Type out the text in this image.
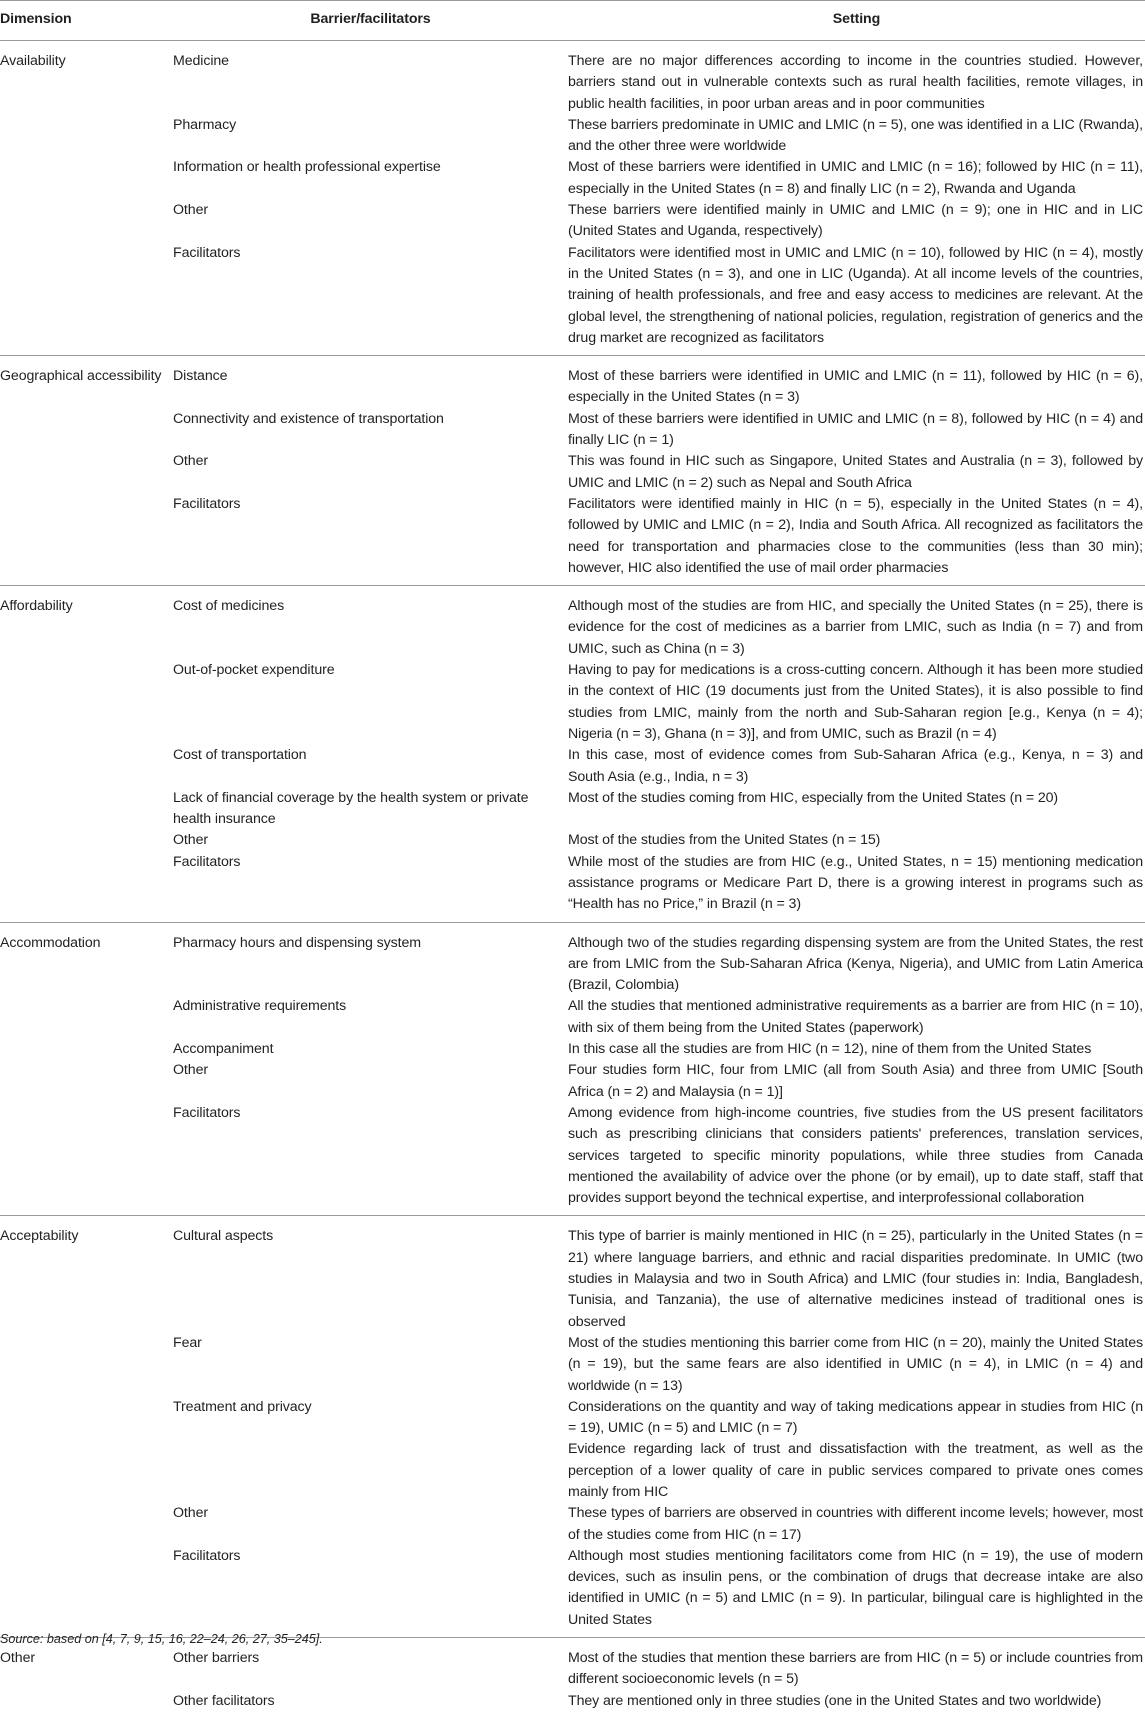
Dimension	Barrier/facilitators	Setting
Availability	Medicine	There are no major differences according to income in the countries studied. However, barriers stand out in vulnerable contexts such as rural health facilities, remote villages, in public health facilities, in poor urban areas and in poor communities

	Pharmacy	These barriers predominate in UMIC and LMIC (n = 5), one was identified in a LIC (Rwanda), and the other three were worldwide

	Information or health professional expertise	Most of these barriers were identified in UMIC and LMIC (n = 16); followed by HIC (n = 11), especially in the United States (n = 8) and finally LIC (n = 2), Rwanda and Uganda

	Other	These barriers were identified mainly in UMIC and LMIC (n = 9); one in HIC and in LIC (United States and Uganda, respectively)

	Facilitators	Facilitators were identified most in UMIC and LMIC (n = 10), followed by HIC (n = 4), mostly in the United States (n = 3), and one in LIC (Uganda). At all income levels of the countries, training of health professionals, and free and easy access to medicines are relevant. At the global level, the strengthening of national policies, regulation, registration of generics and the drug market are recognized as facilitators

Geographical accessibility	Distance	Most of these barriers were identified in UMIC and LMIC (n = 11), followed by HIC (n = 6), especially in the United States (n = 3)

	Connectivity and existence of transportation	Most of these barriers were identified in UMIC and LMIC (n = 8), followed by HIC (n = 4) and finally LIC (n = 1)

	Other	This was found in HIC such as Singapore, United States and Australia (n = 3), followed by UMIC and LMIC (n = 2) such as Nepal and South Africa

	Facilitators	Facilitators were identified mainly in HIC (n = 5), especially in the United States (n = 4), followed by UMIC and LMIC (n = 2), India and South Africa. All recognized as facilitators the need for transportation and pharmacies close to the communities (less than 30 min); however, HIC also identified the use of mail order pharmacies

Affordability	Cost of medicines	Although most of the studies are from HIC, and specially the United States (n = 25), there is evidence for the cost of medicines as a barrier from LMIC, such as India (n = 7) and from UMIC, such as China (n = 3)

	Out-of-pocket expenditure	Having to pay for medications is a cross-cutting concern. Although it has been more studied in the context of HIC (19 documents just from the United States), it is also possible to find studies from LMIC, mainly from the north and Sub-Saharan region [e.g., Kenya (n = 4); Nigeria (n = 3), Ghana (n = 3)], and from UMIC, such as Brazil (n = 4)

	Cost of transportation	In this case, most of evidence comes from Sub-Saharan Africa (e.g., Kenya, n = 3) and South Asia (e.g., India, n = 3)

	Lack of financial coverage by the health system or private health insurance	Most of the studies coming from HIC, especially from the United States (n = 20)

	Other	Most of the studies from the United States (n = 15)

	Facilitators	While most of the studies are from HIC (e.g., United States, n = 15) mentioning medication assistance programs or Medicare Part D, there is a growing interest in programs such as “Health has no Price,” in Brazil (n = 3)

Accommodation	Pharmacy hours and dispensing system	Although two of the studies regarding dispensing system are from the United States, the rest are from LMIC from the Sub-Saharan Africa (Kenya, Nigeria), and UMIC from Latin America (Brazil, Colombia)

	Administrative requirements	All the studies that mentioned administrative requirements as a barrier are from HIC (n = 10), with six of them being from the United States (paperwork)

	Accompaniment	In this case all the studies are from HIC (n = 12), nine of them from the United States

	Other	Four studies form HIC, four from LMIC (all from South Asia) and three from UMIC [South Africa (n = 2) and Malaysia (n = 1)]

	Facilitators	Among evidence from high-income countries, five studies from the US present facilitators such as prescribing clinicians that considers patients' preferences, translation services, services targeted to specific minority populations, while three studies from Canada mentioned the availability of advice over the phone (or by email), up to date staff, staff that provides support beyond the technical expertise, and interprofessional collaboration

Acceptability	Cultural aspects	This type of barrier is mainly mentioned in HIC (n = 25), particularly in the United States (n = 21) where language barriers, and ethnic and racial disparities predominate. In UMIC (two studies in Malaysia and two in South Africa) and LMIC (four studies in: India, Bangladesh, Tunisia, and Tanzania), the use of alternative medicines instead of traditional ones is observed

	Fear	Most of the studies mentioning this barrier come from HIC (n = 20), mainly the United States (n = 19), but the same fears are also identified in UMIC (n = 4), in LMIC (n = 4) and worldwide (n = 13)

	Treatment and privacy	Considerations on the quantity and way of taking medications appear in studies from HIC (n = 19), UMIC (n = 5) and LMIC (n = 7)
Evidence regarding lack of trust and dissatisfaction with the treatment, as well as the perception of a lower quality of care in public services compared to private ones comes mainly from HIC

	Other	These types of barriers are observed in countries with different income levels; however, most of the studies come from HIC (n = 17)

	Facilitators	Although most studies mentioning facilitators come from HIC (n = 19), the use of modern devices, such as insulin pens, or the combination of drugs that decrease intake are also identified in UMIC (n = 5) and LMIC (n = 9). In particular, bilingual care is highlighted in the United States

Other	Other barriers	Most of the studies that mention these barriers are from HIC (n = 5) or include countries from different socioeconomic levels (n = 5)

	Other facilitators	They are mentioned only in three studies (one in the United States and two worldwide)
Source: based on [4, 7, 9, 15, 16, 22–24, 26, 27, 35–245].
